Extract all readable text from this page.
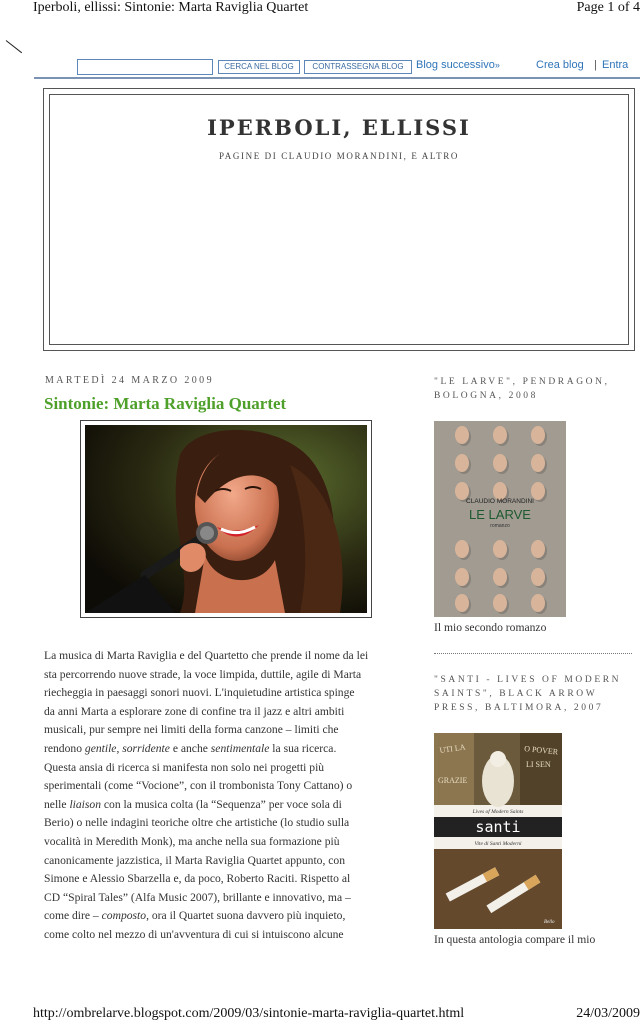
Iperboli, ellissi: Sintonie: Marta Raviglia Quartet	Page 1 of 4
CERCA NEL BLOG	CONTRASSEGNA BLOG	Blog successivo»	Crea blog | Entra
IPERBOLI, ELLISSI
PAGINE DI CLAUDIO MORANDINI, E ALTRO
MARTEDÌ 24 MARZO 2009
Sintonie: Marta Raviglia Quartet
La musica di Marta Raviglia e del Quartetto che prende il nome da lei
sta percorrendo nuove strade, la voce limpida, duttile, agile di Marta
riecheggia in paesaggi sonori nuovi. L'inquietudine artistica spinge
da anni Marta a esplorare zone di confine tra il jazz e altri ambiti
musicali, pur sempre nei limiti della forma canzone – limiti che
rendono gentile, sorridente e anche sentimentale la sua ricerca.
Questa ansia di ricerca si manifesta non solo nei progetti più
sperimentali (come “Vocione”, con il trombonista Tony Cattano) o
nelle liaison con la musica colta (la “Sequenza” per voce sola di
Berio) o nelle indagini teoriche oltre che artistiche (lo studio sulla
vocalità in Meredith Monk), ma anche nella sua formazione più
canonicamente jazzistica, il Marta Raviglia Quartet appunto, con
Simone e Alessio Sbarzella e, da poco, Roberto Raciti. Rispetto al
CD “Spiral Tales” (Alfa Music 2007), brillante e innovativo, ma –
come dire – composto, ora il Quartet suona davvero più inquieto,
come colto nel mezzo di un'avventura di cui si intuiscono alcune
"LE LARVE", PENDRAGON, BOLOGNA, 2008
CLAUDIO MORANDINI
LE LARVE
romanzo
Il mio secondo romanzo
"SANTI - LIVES OF MODERN SAINTS", BLACK ARROW PRESS, BALTIMORA, 2007
UTI LA	O POVER
LI SEN
GRAZIE
Lives of Modern Saints
santi
Vite di Santi Moderni
Bello
In questa antologia compare il mio
http://ombrelarve.blogspot.com/2009/03/sintonie-marta-raviglia-quartet.html	24/03/2009
